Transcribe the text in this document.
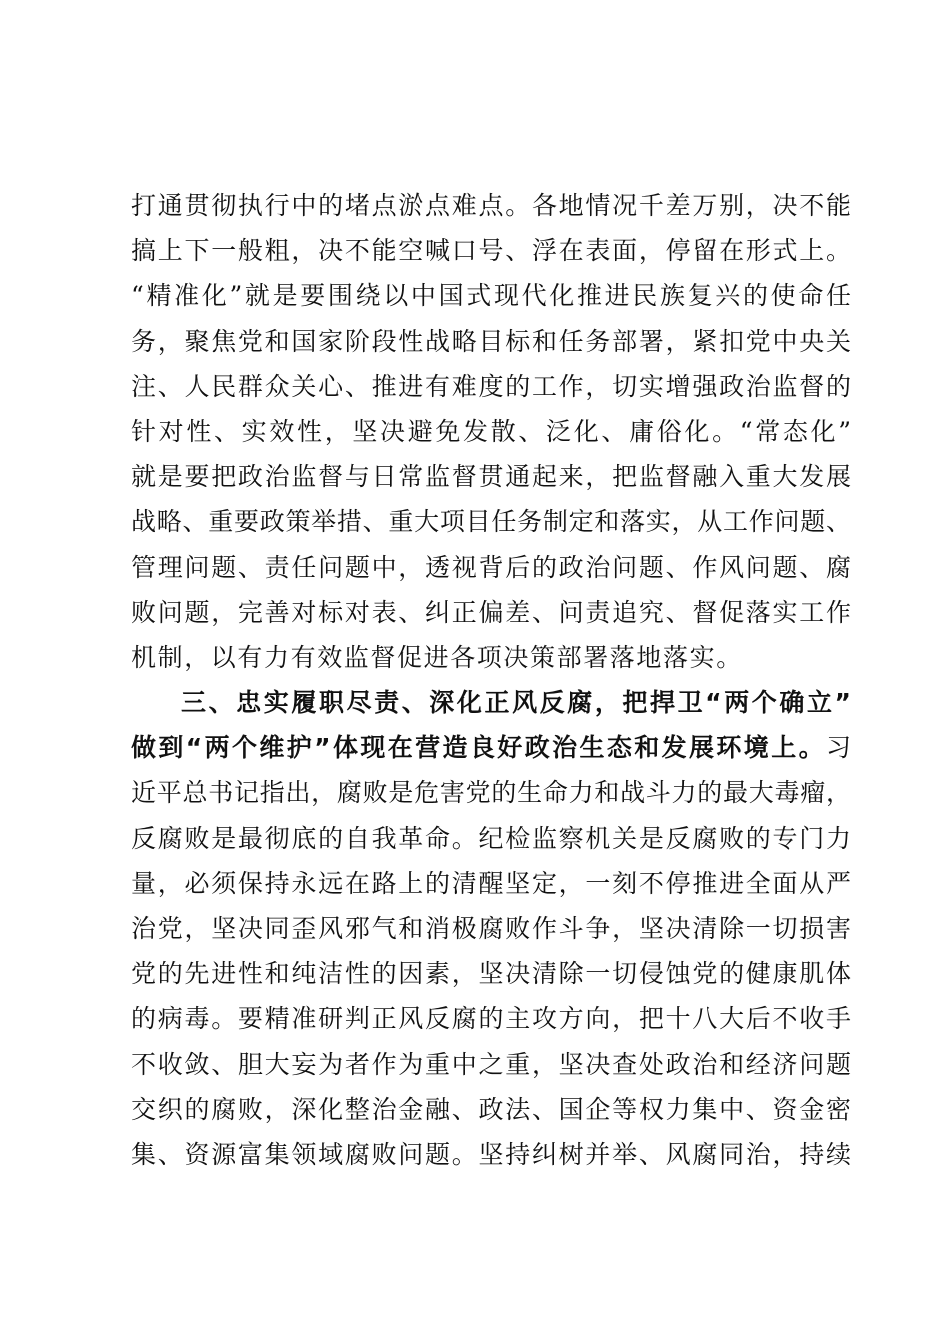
打通贯彻执行中的堵点淤点难点。各地情况千差万别，决不能
搞上下一般粗，决不能空喊口号、浮在表面，停留在形式上。
“精准化”就是要围绕以中国式现代化推进民族复兴的使命任
务，聚焦党和国家阶段性战略目标和任务部署，紧扣党中央关
注、人民群众关心、推进有难度的工作，切实增强政治监督的
针对性、实效性，坚决避免发散、泛化、庸俗化。“常态化”
就是要把政治监督与日常监督贯通起来，把监督融入重大发展
战略、重要政策举措、重大项目任务制定和落实，从工作问题、
管理问题、责任问题中，透视背后的政治问题、作风问题、腐
败问题，完善对标对表、纠正偏差、问责追究、督促落实工作
机制，以有力有效监督促进各项决策部署落地落实。
三、忠实履职尽责、深化正风反腐，把捍卫“两个确立”
做到“两个维护”体现在营造良好政治生态和发展环境上。习
近平总书记指出，腐败是危害党的生命力和战斗力的最大毒瘤，
反腐败是最彻底的自我革命。纪检监察机关是反腐败的专门力
量，必须保持永远在路上的清醒坚定，一刻不停推进全面从严
治党，坚决同歪风邪气和消极腐败作斗争，坚决清除一切损害
党的先进性和纯洁性的因素，坚决清除一切侵蚀党的健康肌体
的病毒。要精准研判正风反腐的主攻方向，把十八大后不收手
不收敛、胆大妄为者作为重中之重，坚决查处政治和经济问题
交织的腐败，深化整治金融、政法、国企等权力集中、资金密
集、资源富集领域腐败问题。坚持纠树并举、风腐同治，持续
